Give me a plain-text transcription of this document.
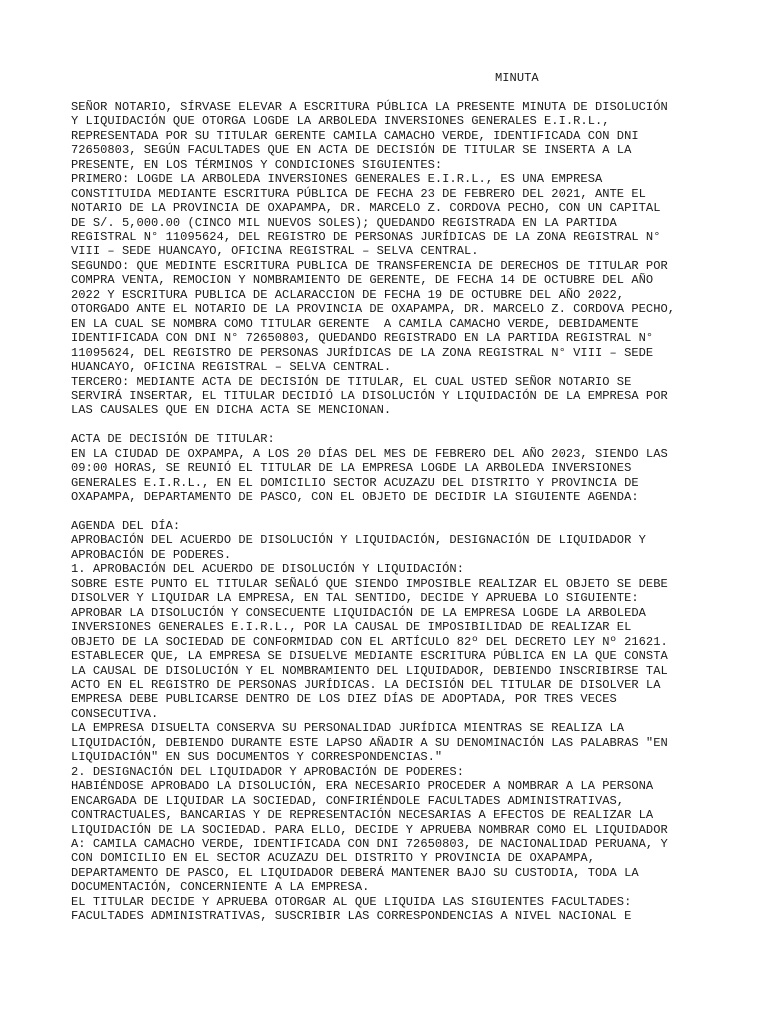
MINUTA

SEÑOR NOTARIO, SÍRVASE ELEVAR A ESCRITURA PÚBLICA LA PRESENTE MINUTA DE DISOLUCIÓN

Y LIQUIDACIÓN QUE OTORGA LOGDE LA ARBOLEDA INVERSIONES GENERALES E.I.R.L.,

REPRESENTADA POR SU TITULAR GERENTE CAMILA CAMACHO VERDE, IDENTIFICADA CON DNI

72650803, SEGÚN FACULTADES QUE EN ACTA DE DECISIÓN DE TITULAR SE INSERTA A LA

PRESENTE, EN LOS TÉRMINOS Y CONDICIONES SIGUIENTES:

PRIMERO: LOGDE LA ARBOLEDA INVERSIONES GENERALES E.I.R.L., ES UNA EMPRESA

CONSTITUIDA MEDIANTE ESCRITURA PÚBLICA DE FECHA 23 DE FEBRERO DEL 2021, ANTE EL

NOTARIO DE LA PROVINCIA DE OXAPAMPA, DR. MARCELO Z. CORDOVA PECHO, CON UN CAPITAL

DE S/. 5,000.00 (CINCO MIL NUEVOS SOLES); QUEDANDO REGISTRADA EN LA PARTIDA

REGISTRAL N° 11095624, DEL REGISTRO DE PERSONAS JURÍDICAS DE LA ZONA REGISTRAL N°

VIII – SEDE HUANCAYO, OFICINA REGISTRAL – SELVA CENTRAL.

SEGUNDO: QUE MEDINTE ESCRITURA PUBLICA DE TRANSFERENCIA DE DERECHOS DE TITULAR POR

COMPRA VENTA, REMOCION Y NOMBRAMIENTO DE GERENTE, DE FECHA 14 DE OCTUBRE DEL AÑO

2022 Y ESCRITURA PUBLICA DE ACLARACCION DE FECHA 19 DE OCTUBRE DEL AÑO 2022,

OTORGADO ANTE EL NOTARIO DE LA PROVINCIA DE OXAPAMPA, DR. MARCELO Z. CORDOVA PECHO,

EN LA CUAL SE NOMBRA COMO TITULAR GERENTE  A CAMILA CAMACHO VERDE, DEBIDAMENTE

IDENTIFICADA CON DNI N° 72650803, QUEDANDO REGISTRADO EN LA PARTIDA REGISTRAL N°

11095624, DEL REGISTRO DE PERSONAS JURÍDICAS DE LA ZONA REGISTRAL N° VIII – SEDE

HUANCAYO, OFICINA REGISTRAL – SELVA CENTRAL.

TERCERO: MEDIANTE ACTA DE DECISIÓN DE TITULAR, EL CUAL USTED SEÑOR NOTARIO SE

SERVIRÁ INSERTAR, EL TITULAR DECIDIÓ LA DISOLUCIÓN Y LIQUIDACIÓN DE LA EMPRESA POR

LAS CAUSALES QUE EN DICHA ACTA SE MENCIONAN.

ACTA DE DECISIÓN DE TITULAR:

EN LA CIUDAD DE OXPAMPA, A LOS 20 DÍAS DEL MES DE FEBRERO DEL AÑO 2023, SIENDO LAS

09:00 HORAS, SE REUNIÓ EL TITULAR DE LA EMPRESA LOGDE LA ARBOLEDA INVERSIONES

GENERALES E.I.R.L., EN EL DOMICILIO SECTOR ACUZAZU DEL DISTRITO Y PROVINCIA DE

OXAPAMPA, DEPARTAMENTO DE PASCO, CON EL OBJETO DE DECIDIR LA SIGUIENTE AGENDA:

AGENDA DEL DÍA:

APROBACIÓN DEL ACUERDO DE DISOLUCIÓN Y LIQUIDACIÓN, DESIGNACIÓN DE LIQUIDADOR Y

APROBACIÓN DE PODERES.

1. APROBACIÓN DEL ACUERDO DE DISOLUCIÓN Y LIQUIDACIÓN:

SOBRE ESTE PUNTO EL TITULAR SEÑALÓ QUE SIENDO IMPOSIBLE REALIZAR EL OBJETO SE DEBE

DISOLVER Y LIQUIDAR LA EMPRESA, EN TAL SENTIDO, DECIDE Y APRUEBA LO SIGUIENTE:

APROBAR LA DISOLUCIÓN Y CONSECUENTE LIQUIDACIÓN DE LA EMPRESA LOGDE LA ARBOLEDA

INVERSIONES GENERALES E.I.R.L., POR LA CAUSAL DE IMPOSIBILIDAD DE REALIZAR EL

OBJETO DE LA SOCIEDAD DE CONFORMIDAD CON EL ARTÍCULO 82º DEL DECRETO LEY Nº 21621.

ESTABLECER QUE, LA EMPRESA SE DISUELVE MEDIANTE ESCRITURA PÚBLICA EN LA QUE CONSTA

LA CAUSAL DE DISOLUCIÓN Y EL NOMBRAMIENTO DEL LIQUIDADOR, DEBIENDO INSCRIBIRSE TAL

ACTO EN EL REGISTRO DE PERSONAS JURÍDICAS. LA DECISIÓN DEL TITULAR DE DISOLVER LA

EMPRESA DEBE PUBLICARSE DENTRO DE LOS DIEZ DÍAS DE ADOPTADA, POR TRES VECES

CONSECUTIVA.

LA EMPRESA DISUELTA CONSERVA SU PERSONALIDAD JURÍDICA MIENTRAS SE REALIZA LA

LIQUIDACIÓN, DEBIENDO DURANTE ESTE LAPSO AÑADIR A SU DENOMINACIÓN LAS PALABRAS "EN

LIQUIDACIÓN" EN SUS DOCUMENTOS Y CORRESPONDENCIAS."

2. DESIGNACIÓN DEL LIQUIDADOR Y APROBACIÓN DE PODERES:

HABIÉNDOSE APROBADO LA DISOLUCIÓN, ERA NECESARIO PROCEDER A NOMBRAR A LA PERSONA

ENCARGADA DE LIQUIDAR LA SOCIEDAD, CONFIRIÉNDOLE FACULTADES ADMINISTRATIVAS,

CONTRACTUALES, BANCARIAS Y DE REPRESENTACIÓN NECESARIAS A EFECTOS DE REALIZAR LA

LIQUIDACIÓN DE LA SOCIEDAD. PARA ELLO, DECIDE Y APRUEBA NOMBRAR COMO EL LIQUIDADOR

A: CAMILA CAMACHO VERDE, IDENTIFICADA CON DNI 72650803, DE NACIONALIDAD PERUANA, Y

CON DOMICILIO EN EL SECTOR ACUZAZU DEL DISTRITO Y PROVINCIA DE OXAPAMPA,

DEPARTAMENTO DE PASCO, EL LIQUIDADOR DEBERÁ MANTENER BAJO SU CUSTODIA, TODA LA

DOCUMENTACIÓN, CONCERNIENTE A LA EMPRESA.

EL TITULAR DECIDE Y APRUEBA OTORGAR AL QUE LIQUIDA LAS SIGUIENTES FACULTADES:

FACULTADES ADMINISTRATIVAS, SUSCRIBIR LAS CORRESPONDENCIAS A NIVEL NACIONAL E
